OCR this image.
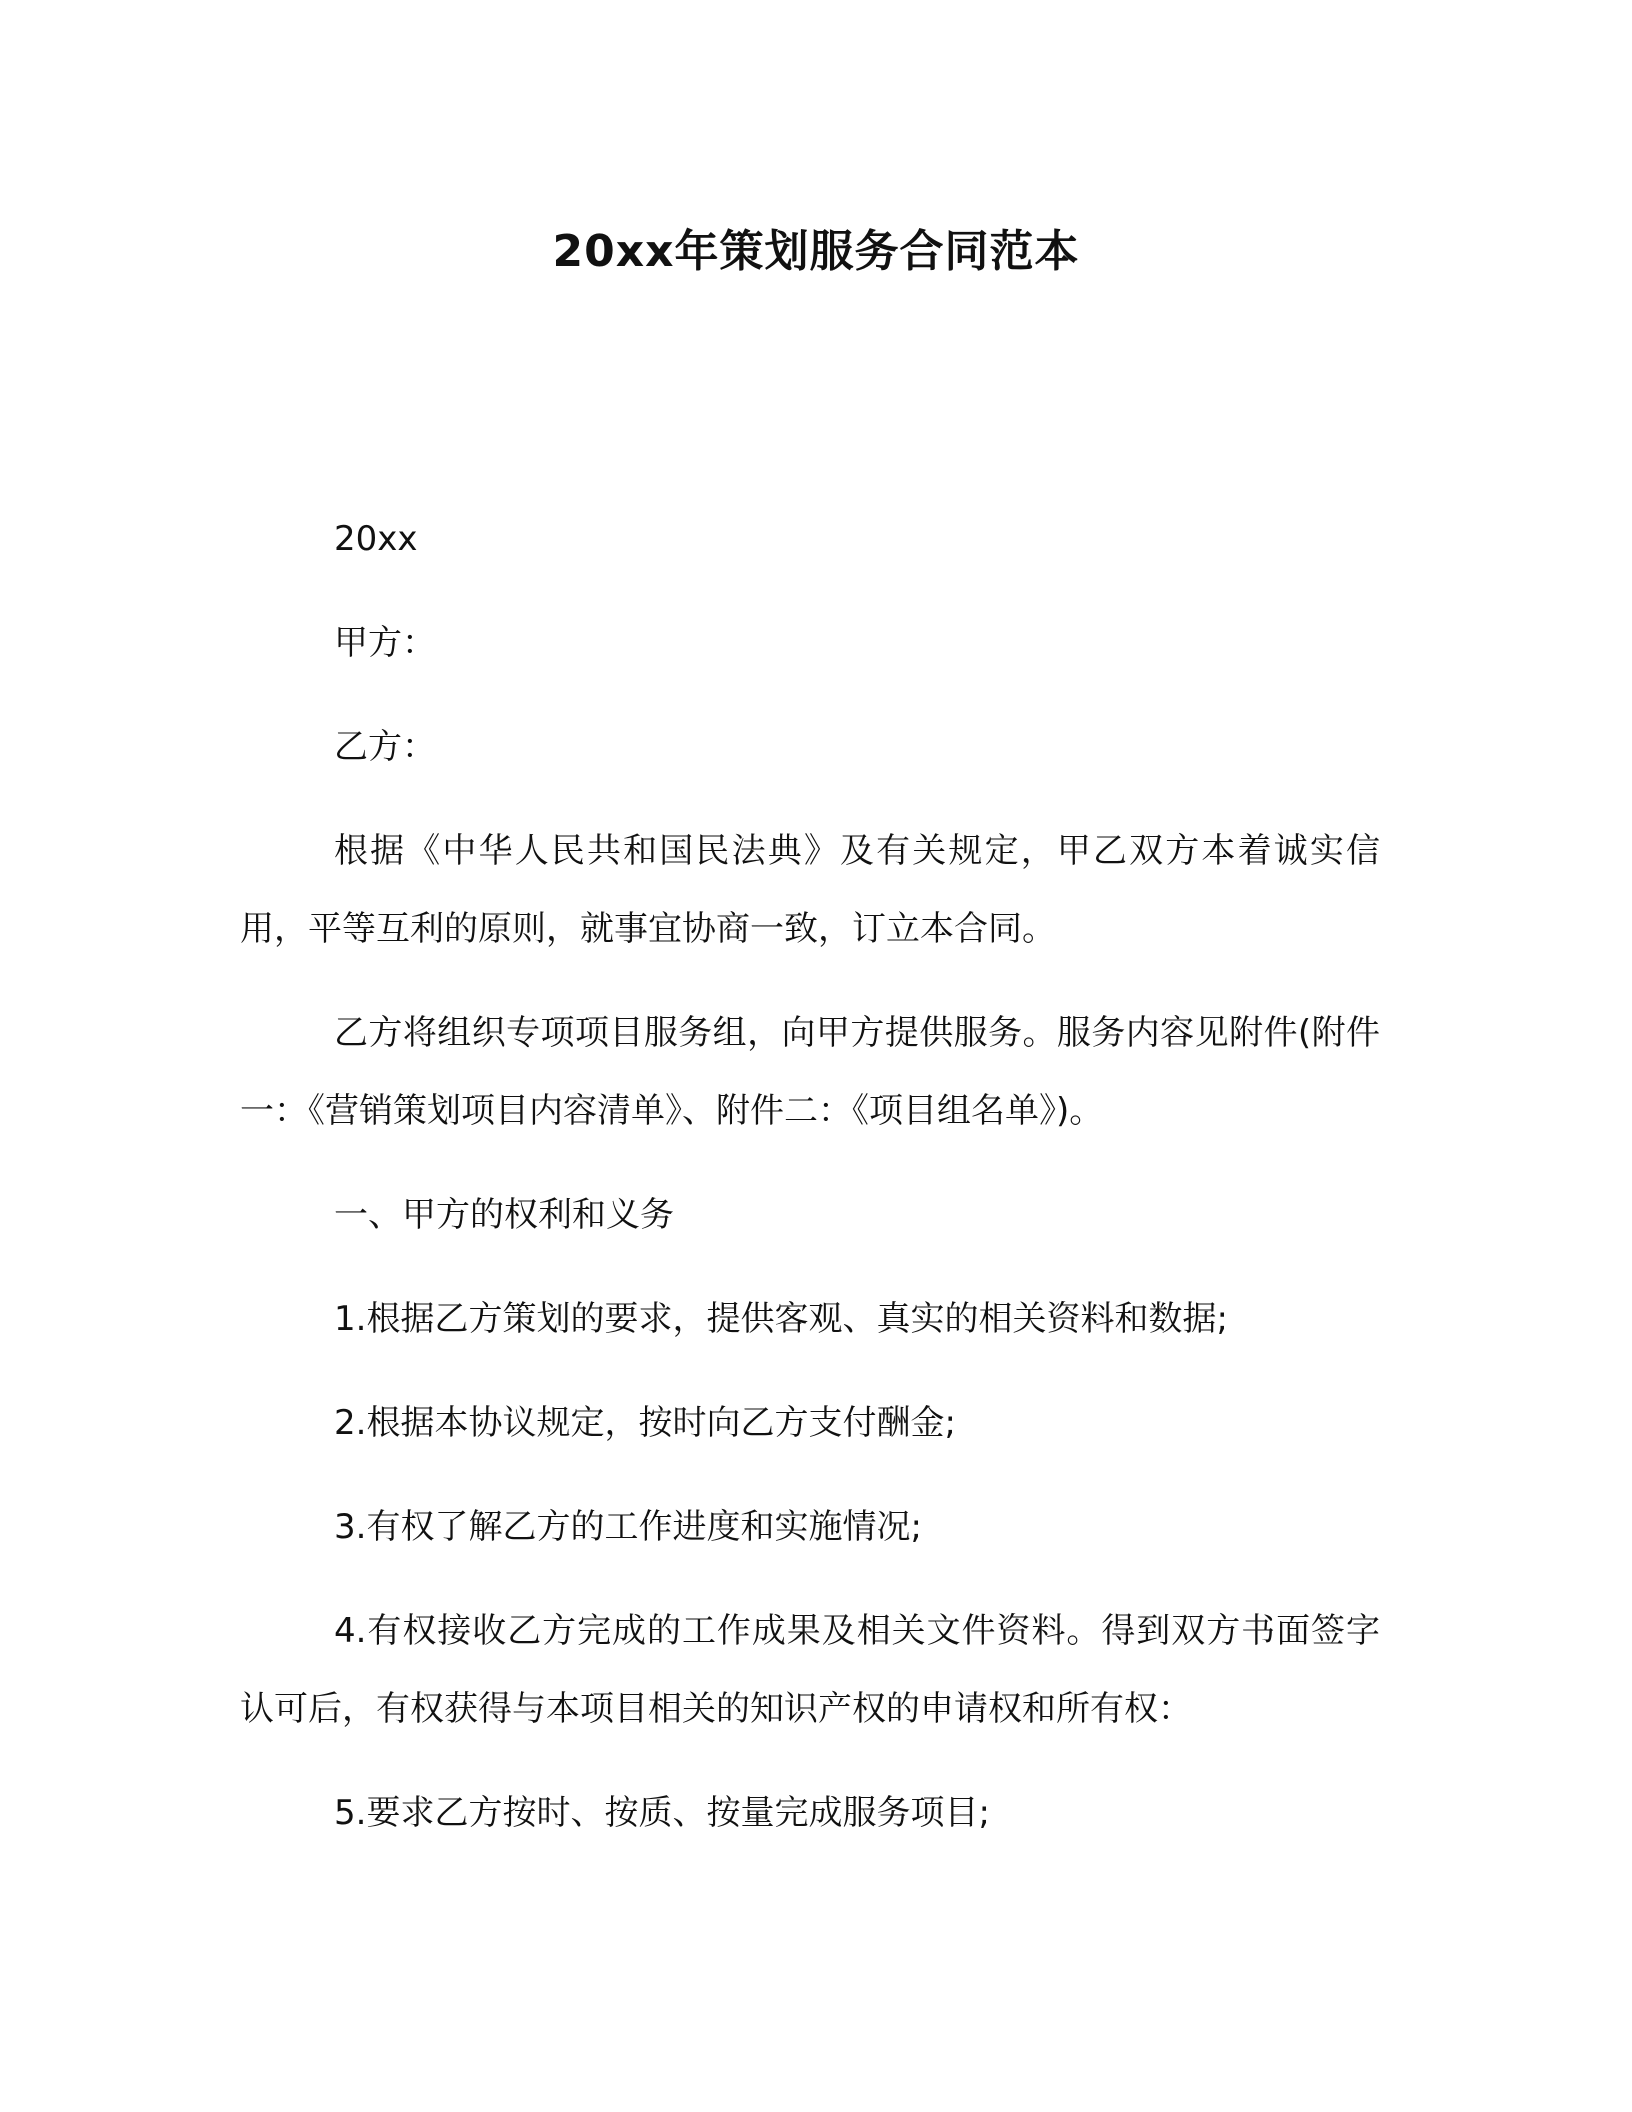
20xx年策划服务合同范本

20xx

甲方：

乙方：

根据《中华人民共和国民法典》及有关规定，甲乙双方本着诚实信用，平等互利的原则，就事宜协商一致，订立本合同。

乙方将组织专项项目服务组，向甲方提供服务。服务内容见附件(附件一：《营销策划项目内容清单》、附件二：《项目组名单》)。

一、甲方的权利和义务

1.根据乙方策划的要求，提供客观、真实的相关资料和数据;

2.根据本协议规定，按时向乙方支付酬金;

3.有权了解乙方的工作进度和实施情况;

4.有权接收乙方完成的工作成果及相关文件资料。得到双方书面签字认可后，有权获得与本项目相关的知识产权的申请权和所有权：

5.要求乙方按时、按质、按量完成服务项目;
